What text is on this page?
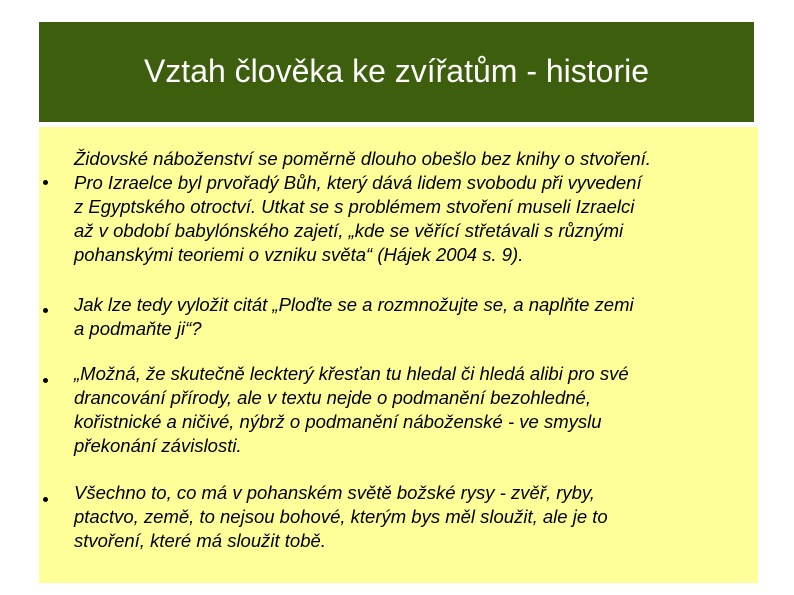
Vztah člověka ke zvířatům - historie
Židovské náboženství se poměrně dlouho obešlo bez knihy o stvoření.
Pro Izraelce byl prvořadý Bůh, který dává lidem svobodu při vyvedení
z Egyptského otroctví. Utkat se s problémem stvoření museli Izraelci
až v období babylónského zajetí, „kde se věřící střetávali s různými
pohanskými teoriemi o vzniku světa“ (Hájek 2004 s. 9).
Jak lze tedy vyložit citát „Ploďte se a rozmnožujte se, a naplňte zemi
a podmaňte ji“?
„Možná, že skutečně leckterý křesťan tu hledal či hledá alibi pro své
drancování přírody, ale v textu nejde o podmanění bezohledné,
kořistnické a ničivé, nýbrž o podmanění náboženské - ve smyslu
překonání závislosti.
Všechno to, co má v pohanském světě božské rysy - zvěř, ryby,
ptactvo, země, to nejsou bohové, kterým bys měl sloužit, ale je to
stvoření, které má sloužit tobě.
